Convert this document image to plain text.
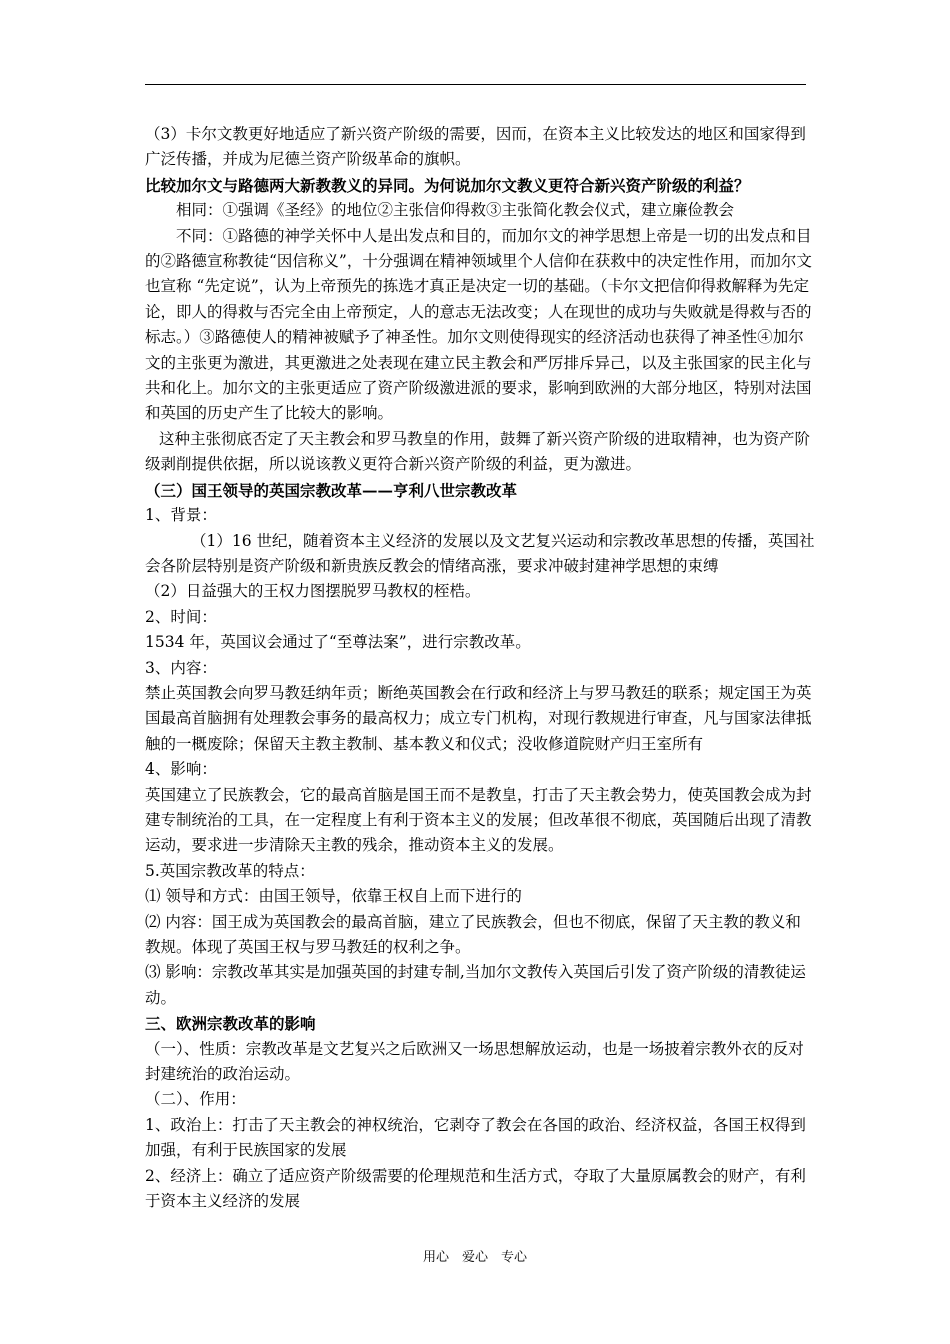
（3）卡尔文教更好地适应了新兴资产阶级的需要，因而，在资本主义比较发达的地区和国家得到广泛传播，并成为尼德兰资产阶级革命的旗帜。

比较加尔文与路德两大新教教义的异同。为何说加尔文教义更符合新兴资产阶级的利益？

相同：①强调《圣经》的地位②主张信仰得救③主张简化教会仪式，建立廉俭教会

不同：①路德的神学关怀中人是出发点和目的，而加尔文的神学思想上帝是一切的出发点和目的②路德宣称教徒“因信称义”，十分强调在精神领域里个人信仰在获救中的决定性作用，而加尔文也宣称 “先定说”，认为上帝预先的拣选才真正是决定一切的基础。（卡尔文把信仰得救解释为先定论，即人的得救与否完全由上帝预定，人的意志无法改变；人在现世的成功与失败就是得救与否的标志。）③路德使人的精神被赋予了神圣性。加尔文则使得现实的经济活动也获得了神圣性④加尔文的主张更为激进，其更激进之处表现在建立民主教会和严厉排斥异己，以及主张国家的民主化与共和化上。加尔文的主张更适应了资产阶级激进派的要求，影响到欧洲的大部分地区，特别对法国和英国的历史产生了比较大的影响。

这种主张彻底否定了天主教会和罗马教皇的作用，鼓舞了新兴资产阶级的进取精神，也为资产阶级剥削提供依据，所以说该教义更符合新兴资产阶级的利益，更为激进。

（三）国王领导的英国宗教改革——亨利八世宗教改革

1、背景：

（1）16 世纪，随着资本主义经济的发展以及文艺复兴运动和宗教改革思想的传播，英国社会各阶层特别是资产阶级和新贵族反教会的情绪高涨，要求冲破封建神学思想的束缚

（2）日益强大的王权力图摆脱罗马教权的桎梏。

2、时间：

1534 年，英国议会通过了“至尊法案”，进行宗教改革。

3、内容：

禁止英国教会向罗马教廷纳年贡；断绝英国教会在行政和经济上与罗马教廷的联系；规定国王为英国最高首脑拥有处理教会事务的最高权力；成立专门机构，对现行教规进行审查，凡与国家法律抵触的一概废除；保留天主教主教制、基本教义和仪式；没收修道院财产归王室所有

4、影响：

英国建立了民族教会，它的最高首脑是国王而不是教皇，打击了天主教会势力，使英国教会成为封建专制统治的工具，在一定程度上有利于资本主义的发展；但改革很不彻底，英国随后出现了清教运动，要求进一步清除天主教的残余，推动资本主义的发展。

5.英国宗教改革的特点：

⑴ 领导和方式：由国王领导，依靠王权自上而下进行的

⑵ 内容：国王成为英国教会的最高首脑，建立了民族教会，但也不彻底，保留了天主教的教义和教规。体现了英国王权与罗马教廷的权利之争。

⑶ 影响：宗教改革其实是加强英国的封建专制,当加尔文教传入英国后引发了资产阶级的清教徒运动。

三、欧洲宗教改革的影响

（一）、性质：宗教改革是文艺复兴之后欧洲又一场思想解放运动，也是一场披着宗教外衣的反对封建统治的政治运动。

（二）、作用：

1、政治上：打击了天主教会的神权统治，它剥夺了教会在各国的政治、经济权益，各国王权得到加强，有利于民族国家的发展

2、经济上：确立了适应资产阶级需要的伦理规范和生活方式，夺取了大量原属教会的财产，有利于资本主义经济的发展

用心　爱心　专心
